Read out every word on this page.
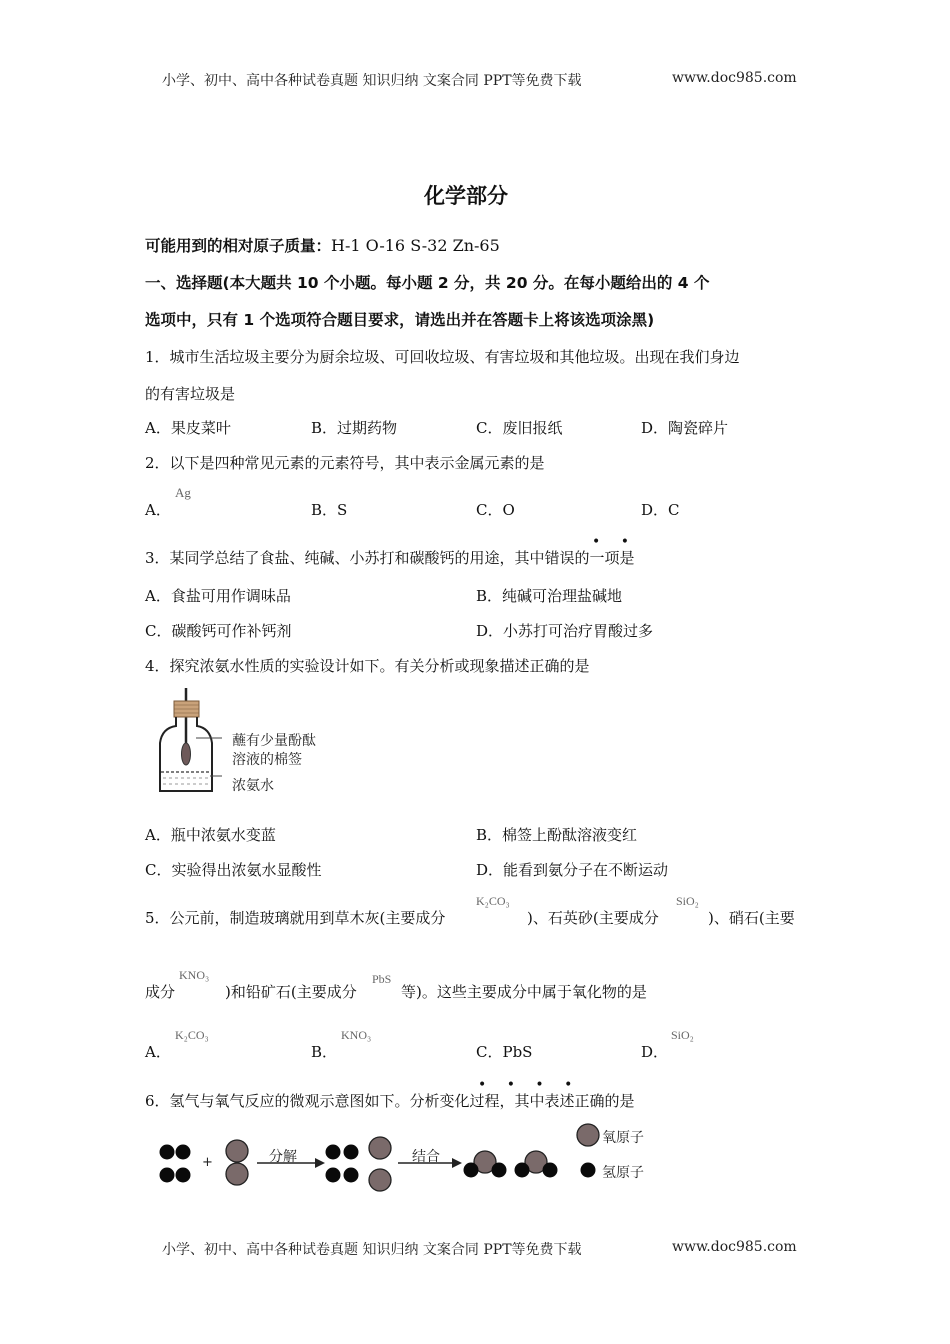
小学、初中、高中各种试卷真题 知识归纳 文案合同 PPT等免费下载	www.doc985.com
化学部分
可能用到的相对原子质量：H-1 O-16 S-32 Zn-65
一、选择题(本大题共 10 个小题。每小题 2 分，共 20 分。在每小题给出的 4 个
选项中，只有 1 个选项符合题目要求，请选出并在答题卡上将该选项涂黑)
1．城市生活垃圾主要分为厨余垃圾、可回收垃圾、有害垃圾和其他垃圾。出现在我们身边
的有害垃圾是
A．果皮菜叶	B．过期药物	C．废旧报纸	D．陶瓷碎片
2．以下是四种常见元素的元素符号，其中表示金属元素的是
A．
Ag
B．S	C．O	D．C
• •
3．某同学总结了食盐、纯碱、小苏打和碳酸钙的用途，其中错误的一项是
A．食盐可用作调味品	B．纯碱可治理盐碱地
C．碳酸钙可作补钙剂	D．小苏打可治疗胃酸过多
4．探究浓氨水性质的实验设计如下。有关分析或现象描述正确的是
蘸有少量酚酞
溶液的棉签
浓氨水
A．瓶中浓氨水变蓝	B．棉签上酚酞溶液变红
C．实验得出浓氨水显酸性	D．能看到氨分子在不断运动
5．公元前，制造玻璃就用到草木灰(主要成分
K₂CO₃
)、石英砂(主要成分
SiO₂
)、硝石(主要
成分
KNO₃
)和铅矿石(主要成分
PbS
等)。这些主要成分中属于氧化物的是
A．
K₂CO₃
B．
KNO₃
C．PbS	D．
SiO₂
• • • •
6．氢气与氧气反应的微观示意图如下。分析变化过程，其中表述正确的是
+	分解	结合
氧原子
氢原子
小学、初中、高中各种试卷真题 知识归纳 文案合同 PPT等免费下载	www.doc985.com
